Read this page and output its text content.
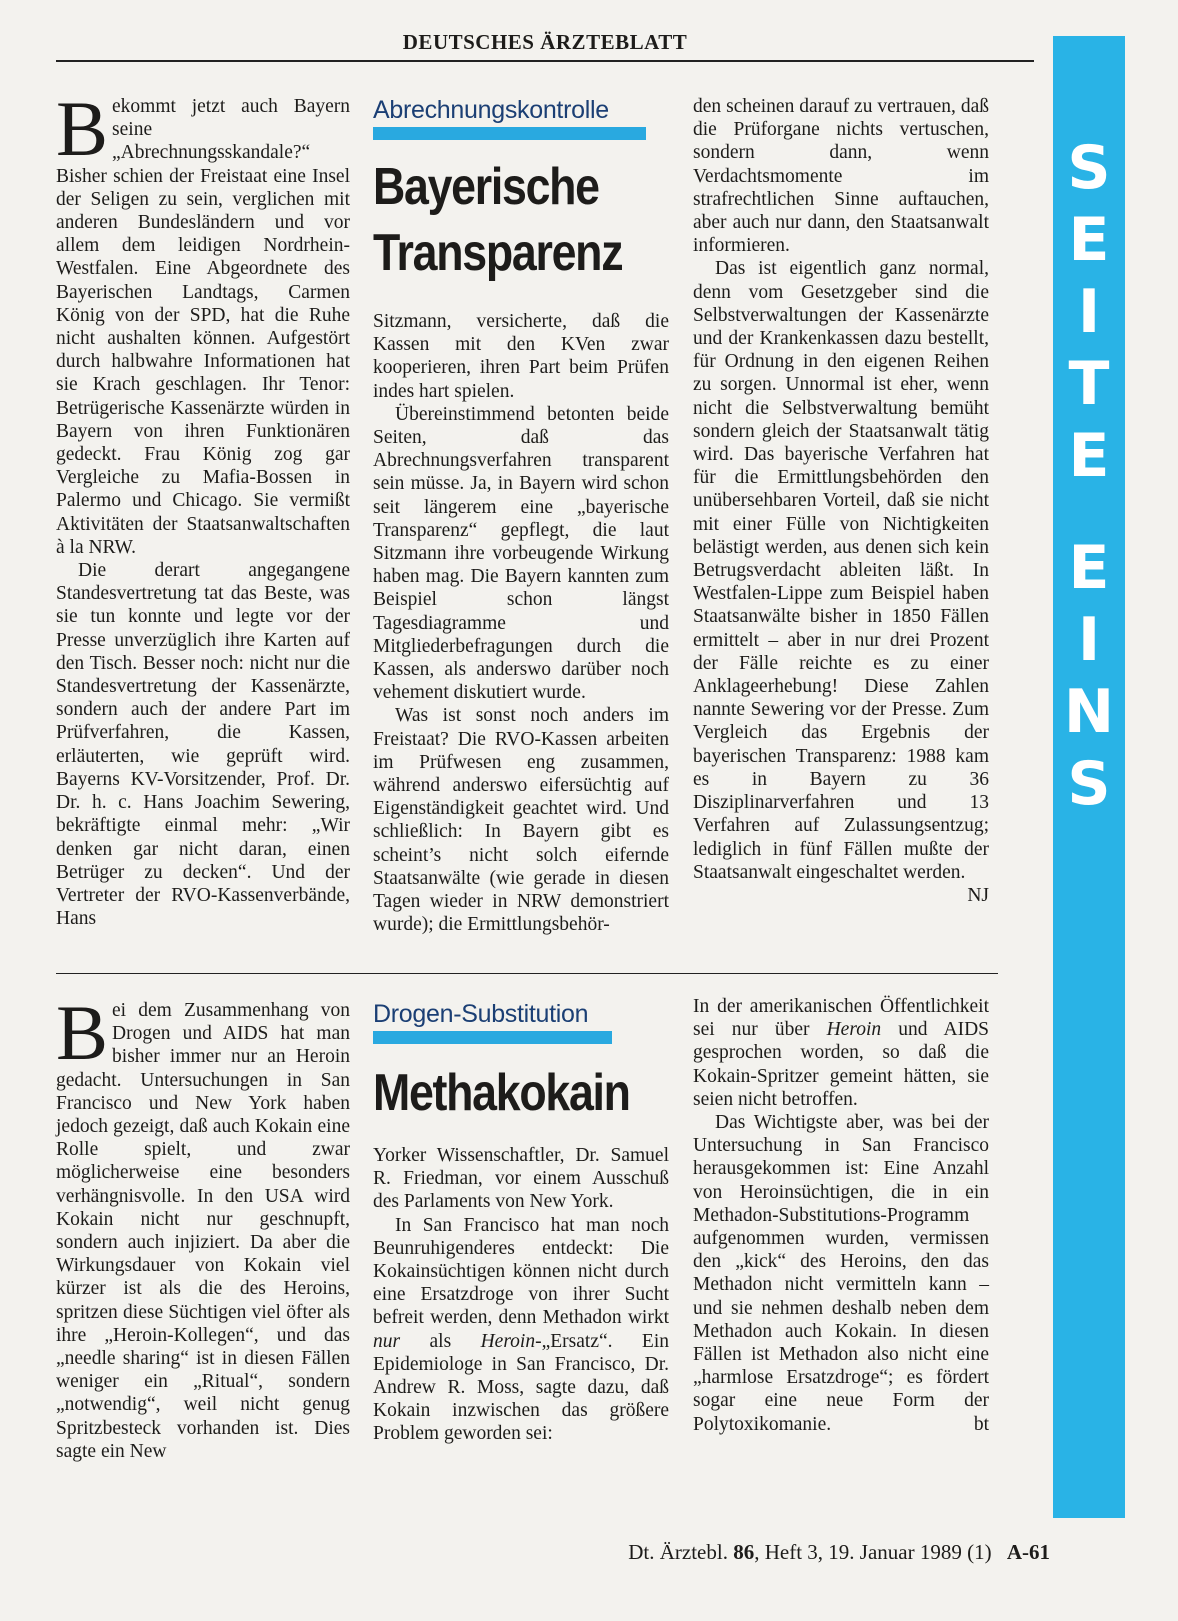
DEUTSCHES ÄRZTEBLATT
S
E
I
T
E
E
I
N
S

Bekommt jetzt auch Bayern seine „Abrechnungsskandale?“ Bisher schien der Freistaat eine Insel der Seligen zu sein, verglichen mit anderen Bundesländern und vor allem dem leidigen Nordrhein-Westfalen. Eine Abgeordnete des Bayerischen Landtags, Carmen König von der SPD, hat die Ruhe nicht aushalten können. Aufgestört durch halbwahre Informationen hat sie Krach geschlagen. Ihr Tenor: Betrügerische Kassenärzte würden in Bayern von ihren Funktionären gedeckt. Frau König zog gar Vergleiche zu Mafia-Bossen in Palermo und Chicago. Sie vermißt Aktivitäten der Staatsanwaltschaften à la NRW.

Die derart angegangene Standesvertretung tat das Beste, was sie tun konnte und legte vor der Presse unverzüglich ihre Karten auf den Tisch. Besser noch: nicht nur die Standesvertretung der Kassenärzte, sondern auch der andere Part im Prüfverfahren, die Kassen, erläuterten, wie geprüft wird. Bayerns KV-Vorsitzender, Prof. Dr. Dr. h. c. Hans Joachim Sewering, bekräftigte einmal mehr: „Wir denken gar nicht daran, einen Betrüger zu decken“. Und der Vertreter der RVO-Kassenverbände, Hans

Abrechnungskontrolle
Bayerische
Transparenz

Sitzmann, versicherte, daß die Kassen mit den KVen zwar kooperieren, ihren Part beim Prüfen indes hart spielen.

Übereinstimmend betonten beide Seiten, daß das Abrechnungsverfahren transparent sein müsse. Ja, in Bayern wird schon seit längerem eine „bayerische Transparenz“ gepflegt, die laut Sitzmann ihre vorbeugende Wirkung haben mag. Die Bayern kannten zum Beispiel schon längst Tagesdiagramme und Mitgliederbefragungen durch die Kassen, als anderswo darüber noch vehement diskutiert wurde.

Was ist sonst noch anders im Freistaat? Die RVO-Kassen arbeiten im Prüfwesen eng zusammen, während anderswo eifersüchtig auf Eigenständigkeit geachtet wird. Und schließlich: In Bayern gibt es scheint’s nicht solch eifernde Staatsanwälte (wie gerade in diesen Tagen wieder in NRW demonstriert wurde); die Ermittlungsbehör-

den scheinen darauf zu vertrauen, daß die Prüforgane nichts vertuschen, sondern dann, wenn Verdachtsmomente im strafrechtlichen Sinne auftauchen, aber auch nur dann, den Staatsanwalt informieren.

Das ist eigentlich ganz normal, denn vom Gesetzgeber sind die Selbstverwaltungen der Kassenärzte und der Krankenkassen dazu bestellt, für Ordnung in den eigenen Reihen zu sorgen. Unnormal ist eher, wenn nicht die Selbstverwaltung bemüht sondern gleich der Staatsanwalt tätig wird. Das bayerische Verfahren hat für die Ermittlungsbehörden den unübersehbaren Vorteil, daß sie nicht mit einer Fülle von Nichtigkeiten belästigt werden, aus denen sich kein Betrugsverdacht ableiten läßt. In Westfalen-Lippe zum Beispiel haben Staatsanwälte bisher in 1850 Fällen ermittelt – aber in nur drei Prozent der Fälle reichte es zu einer Anklageerhebung! Diese Zahlen nannte Sewering vor der Presse. Zum Vergleich das Ergebnis der bayerischen Transparenz: 1988 kam es in Bayern zu 36 Disziplinarverfahren und 13 Verfahren auf Zulassungsentzug; lediglich in fünf Fällen mußte der Staatsanwalt eingeschaltet werden.
NJ

Bei dem Zusammenhang von Drogen und AIDS hat man bisher immer nur an Heroin gedacht. Untersuchungen in San Francisco und New York haben jedoch gezeigt, daß auch Kokain eine Rolle spielt, und zwar möglicherweise eine besonders verhängnisvolle. In den USA wird Kokain nicht nur geschnupft, sondern auch injiziert. Da aber die Wirkungsdauer von Kokain viel kürzer ist als die des Heroins, spritzen diese Süchtigen viel öfter als ihre „Heroin-Kollegen“, und das „needle sharing“ ist in diesen Fällen weniger ein „Ritual“, sondern „notwendig“, weil nicht genug Spritzbesteck vorhanden ist. Dies sagte ein New

Drogen-Substitution
Methakokain

Yorker Wissenschaftler, Dr. Samuel R. Friedman, vor einem Ausschuß des Parlaments von New York.

In San Francisco hat man noch Beunruhigenderes entdeckt: Die Kokainsüchtigen können nicht durch eine Ersatzdroge von ihrer Sucht befreit werden, denn Methadon wirkt nur als Heroin-„Ersatz“. Ein Epidemiologe in San Francisco, Dr. Andrew R. Moss, sagte dazu, daß Kokain inzwischen das größere Problem geworden sei:

In der amerikanischen Öffentlichkeit sei nur über Heroin und AIDS gesprochen worden, so daß die Kokain-Spritzer gemeint hätten, sie seien nicht betroffen.

Das Wichtigste aber, was bei der Untersuchung in San Francisco herausgekommen ist: Eine Anzahl von Heroinsüchtigen, die in ein Methadon-Substitutions-Programm aufgenommen wurden, vermissen den „kick“ des Heroins, den das Methadon nicht vermitteln kann – und sie nehmen deshalb neben dem Methadon auch Kokain. In diesen Fällen ist Methadon also nicht eine „harmlose Ersatzdroge“; es fördert sogar eine neue Form der Polytoxikomanie.	bt

Dt. Ärztebl. 86, Heft 3, 19. Januar 1989 (1) A-61
